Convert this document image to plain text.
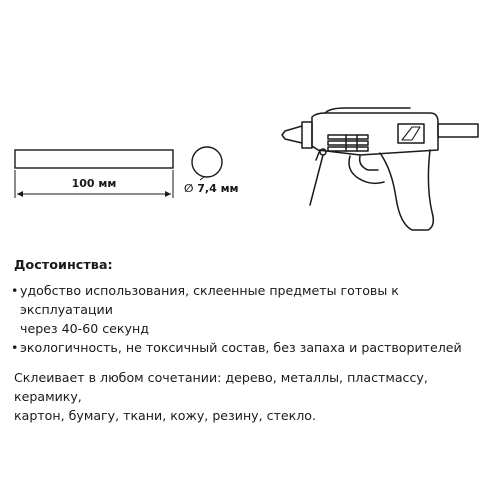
100 мм	∅ 7,4 мм
Достоинства:
• удобство использования, склеенные предметы готовы к эксплуатации

через 40-60 секунд

• экологичность, не токсичный состав, без запаха и растворителей

Склеивает в любом сочетании: дерево, металлы, пластмассу, керамику,

картон, бумагу, ткани, кожу, резину, стекло.
